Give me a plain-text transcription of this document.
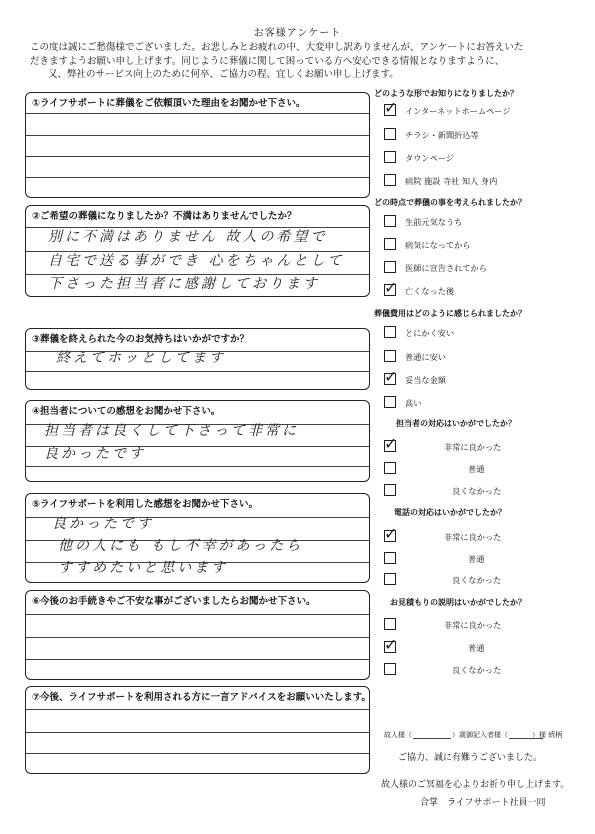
お客様アンケート
この度は誠にご愁傷様でございました。お悲しみとお疲れの中、大変申し訳ありませんが、アンケートにお答えいた
だきますようお願い申し上げます。同じように葬儀に関して困っている方へ安心できる情報となりますように、
又、弊社のサービス向上のために何卒、ご協力の程、宜しくお願い申し上げます。
①ライフサポートに葬儀をご依頼頂いた理由をお聞かせ下さい。
②ご希望の葬儀になりましたか？不満はありませんでしたか？
別に不満はありません 故人の希望で
自宅で送る事ができ 心をちゃんとして
下さった担当者に感謝しております
③葬儀を終えられた今のお気持ちはいかがですか？
終えてホッとしてます
④担当者についての感想をお聞かせ下さい。
担当者は良くして下さって非常に
良かったです
⑤ライフサポートを利用した感想をお聞かせ下さい。
良かったです
他の人にも もし不幸があったら
すすめたいと思います
⑥今後のお手続きやご不安な事がございましたらお聞かせ下さい。
⑦今後、ライフサポートを利用される方に一言アドバイスをお願いいたします。
どのような形でお知りになりましたか？
✓ インターネットホームページ
チラシ・新聞折込等
タウンページ
病院 施設 寺社 知人 身内
どの時点で葬儀の事を考えられましたか？
生前元気なうち
病気になってから
医師に宣告されてから
✓ 亡くなった後
葬儀費用はどのように感じられましたか？
とにかく安い
普通に安い
✓ 妥当な金額
高い
担当者の対応はいかがでしたか？
✓	非常に良かった
普通
良くなかった
電話の対応はいかがでしたか？
✓	非常に良かった
普通
良くなかった
お見積もりの説明はいかがでしたか？
非常に良かった
✓	普通
良くなかった
故人様（	）歳 御記入者様（	）様 続柄
ご協力、誠に有難うございました。
故人様のご冥福を心よりお祈り申し上げます。
合掌　ライフサポート社員一同
